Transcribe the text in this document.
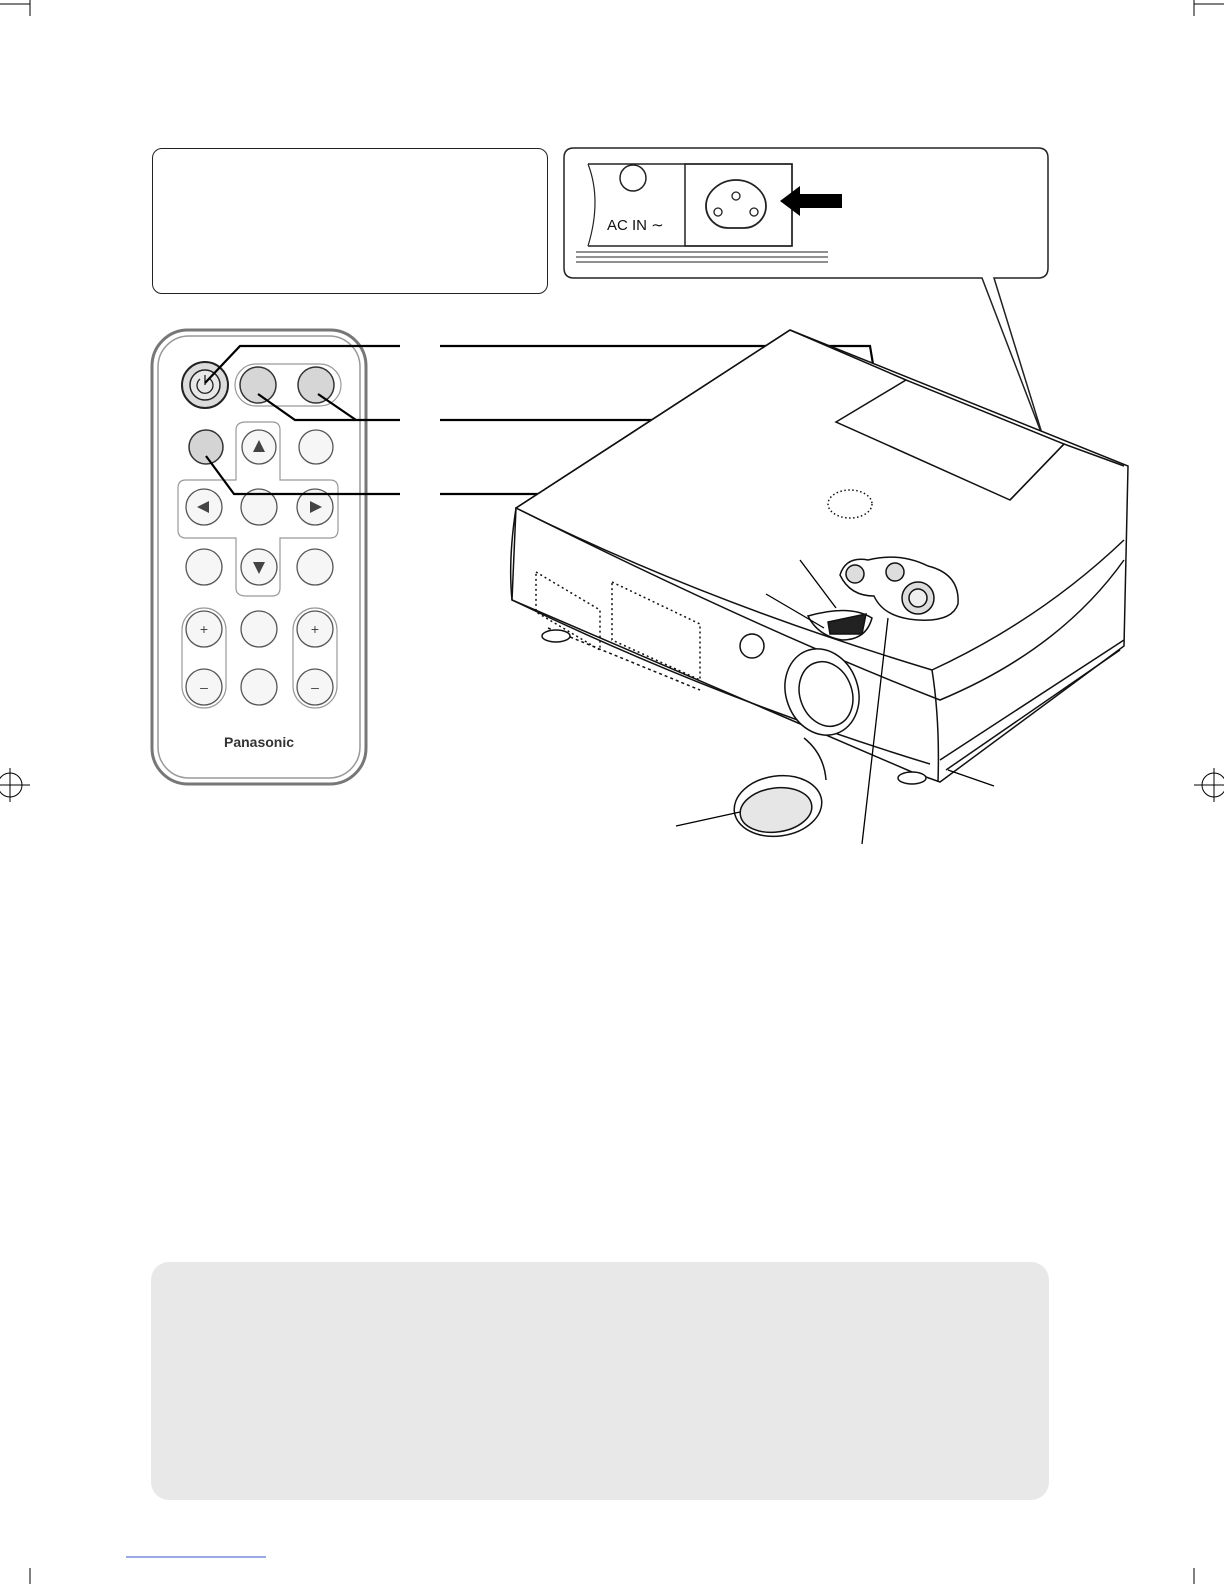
+	+
–	–
AC IN ∼
Panasonic
